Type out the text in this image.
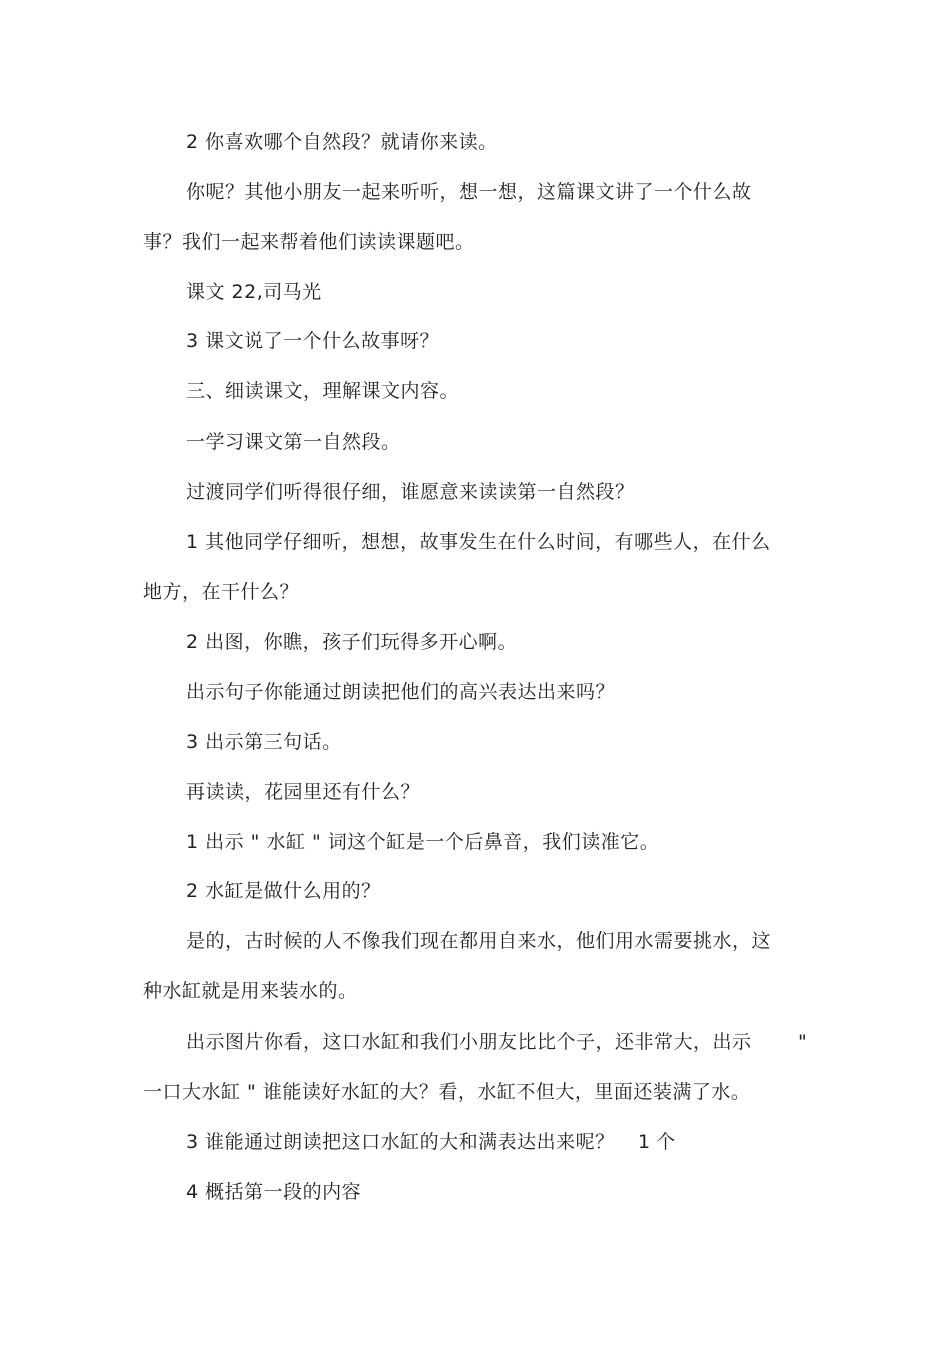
2 你喜欢哪个自然段？就请你来读。
你呢？其他小朋友一起来听听，想一想，这篇课文讲了一个什么故
事？我们一起来帮着他们读读课题吧。
课文 22,司马光
3 课文说了一个什么故事呀？
三、细读课文，理解课文内容。
一学习课文第一自然段。
过渡同学们听得很仔细，谁愿意来读读第一自然段？
1 其他同学仔细听，想想，故事发生在什么时间，有哪些人，在什么
地方，在干什么？
2 出图，你瞧，孩子们玩得多开心啊。
出示句子你能通过朗读把他们的高兴表达出来吗？
3 出示第三句话。
再读读，花园里还有什么？
1 出示 " 水缸 " 词这个缸是一个后鼻音，我们读准它。
2 水缸是做什么用的？
是的，古时候的人不像我们现在都用自来水，他们用水需要挑水，这
种水缸就是用来装水的。
出示图片你看，这口水缸和我们小朋友比比个子，还非常大，出示 "
一口大水缸 " 谁能读好水缸的大？看，水缸不但大，里面还装满了水。
3 谁能通过朗读把这口水缸的大和满表达出来呢？ 1 个
4 概括第一段的内容
